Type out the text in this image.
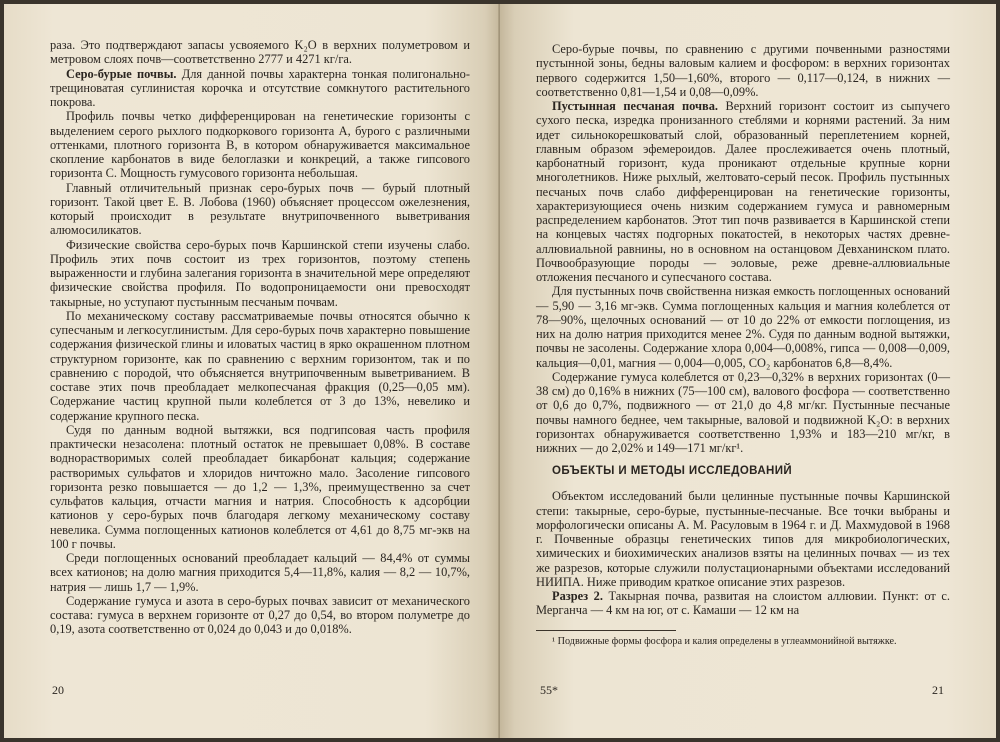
раза. Это подтверждают запасы усвояемого K₂O в верхних полуметровом и метровом слоях почв—соответственно 2777 и 4271 кг/га.

Серо-бурые почвы. Для данной почвы характерна тонкая полигонально-трещиноватая суглинистая корочка и отсутствие сомкнутого растительного покрова.

Профиль почвы четко дифференцирован на генетические горизонты с выделением серого рыхлого подкоркового горизонта А, бурого с различными оттенками, плотного горизонта В, в котором обнаруживается максимальное скопление карбонатов в виде белоглазки и конкреций, а также гипсового горизонта С. Мощность гумусового горизонта небольшая.

Главный отличительный признак серо-бурых почв — бурый плотный горизонт. Такой цвет Е. В. Лобова (1960) объясняет процессом ожелезнения, который происходит в результате внутрипочвенного выветривания алюмосиликатов.

Физические свойства серо-бурых почв Каршинской степи изучены слабо. Профиль этих почв состоит из трех горизонтов, поэтому степень выраженности и глубина залегания горизонта в значительной мере определяют физические свойства профиля. По водопроницаемости они превосходят такырные, но уступают пустынным песчаным почвам.

По механическому составу рассматриваемые почвы относятся обычно к супесчаным и легкосуглинистым. Для серо-бурых почв характерно повышение содержания физической глины и иловатых частиц в ярко окрашенном плотном структурном горизонте, как по сравнению с верхним горизонтом, так и по сравнению с породой, что объясняется внутрипочвенным выветриванием. В составе этих почв преобладает мелкопесчаная фракция (0,25—0,05 мм). Содержание частиц крупной пыли колеблется от 3 до 13%, невелико и содержание крупного песка.

Судя по данным водной вытяжки, вся подгипсовая часть профиля практически незасолена: плотный остаток не превышает 0,08%. В составе воднорастворимых солей преобладает бикарбонат кальция; содержание растворимых сульфатов и хлоридов ничтожно мало. Засоление гипсового горизонта резко повышается — до 1,2 — 1,3%, преимущественно за счет сульфатов кальция, отчасти магния и натрия. Способность к адсорбции катионов у серо-бурых почв благодаря легкому механическому составу невелика. Сумма поглощенных катионов колеблется от 4,61 до 8,75 мг-экв на 100 г почвы.

Среди поглощенных оснований преобладает кальций — 84,4% от суммы всех катионов; на долю магния приходится 5,4—11,8%, калия — 8,2 — 10,7%, натрия — лишь 1,7 — 1,9%.

Содержание гумуса и азота в серо-бурых почвах зависит от механического состава: гумуса в верхнем горизонте от 0,27 до 0,54, во втором полуметре до 0,19, азота соответственно от 0,024 до 0,043 и до 0,018%.

20

Серо-бурые почвы, по сравнению с другими почвенными разностями пустынной зоны, бедны валовым калием и фосфором: в верхних горизонтах первого содержится 1,50—1,60%, второго — 0,117—0,124, в нижних — соответственно 0,81—1,54 и 0,08—0,09%.

Пустынная песчаная почва. Верхний горизонт состоит из сыпучего сухого песка, изредка пронизанного стеблями и корнями растений. За ним идет сильнокорешковатый слой, образованный переплетением корней, главным образом эфемероидов. Далее прослеживается очень плотный, карбонатный горизонт, куда проникают отдельные крупные корни многолетников. Ниже рыхлый, желтовато-серый песок. Профиль пустынных песчаных почв слабо дифференцирован на генетические горизонты, характеризующиеся очень низким содержанием гумуса и равномерным распределением карбонатов. Этот тип почв развивается в Каршинской степи на концевых частях подгорных покатостей, в некоторых частях древне-аллювиальной равнины, но в основном на останцовом Девханинском плато. Почвообразующие породы — эоловые, реже древне-аллювиальные отложения песчаного и супесчаного состава.

Для пустынных почв свойственна низкая емкость поглощенных оснований — 5,90 — 3,16 мг-экв. Сумма поглощенных кальция и магния колеблется от 78—90%, щелочных оснований — от 10 до 22% от емкости поглощения, из них на долю натрия приходится менее 2%. Судя по данным водной вытяжки, почвы не засолены. Содержание хлора 0,004—0,008%, гипса — 0,008—0,009, кальция—0,01, магния — 0,004—0,005, CO₂ карбонатов 6,8—8,4%.

Содержание гумуса колеблется от 0,23—0,32% в верхних горизонтах (0—38 см) до 0,16% в нижних (75—100 см), валового фосфора — соответственно от 0,6 до 0,7%, подвижного — от 21,0 до 4,8 мг/кг. Пустынные песчаные почвы намного беднее, чем такырные, валовой и подвижной K₂O: в верхних горизонтах обнаруживается соответственно 1,93% и 183—210 мг/кг, в нижних — до 2,02% и 149—171 мг/кг¹.

ОБЪЕКТЫ И МЕТОДЫ ИССЛЕДОВАНИЙ

Объектом исследований были целинные пустынные почвы Каршинской степи: такырные, серо-бурые, пустынные-песчаные. Все точки выбраны и морфологически описаны А. М. Расуловым в 1964 г. и Д. Махмудовой в 1968 г. Почвенные образцы генетических типов для микробиологических, химических и биохимических анализов взяты на целинных почвах — из тех же разрезов, которые служили полустационарными объектами исследований НИИПА. Ниже приводим краткое описание этих разрезов.

Разрез 2. Такырная почва, развитая на слоистом аллювии. Пункт: от с. Мерганча — 4 км на юг, от с. Камаши — 12 км на

¹ Подвижные формы фосфора и калия определены в углеаммонийной вытяжке.
55*	21
